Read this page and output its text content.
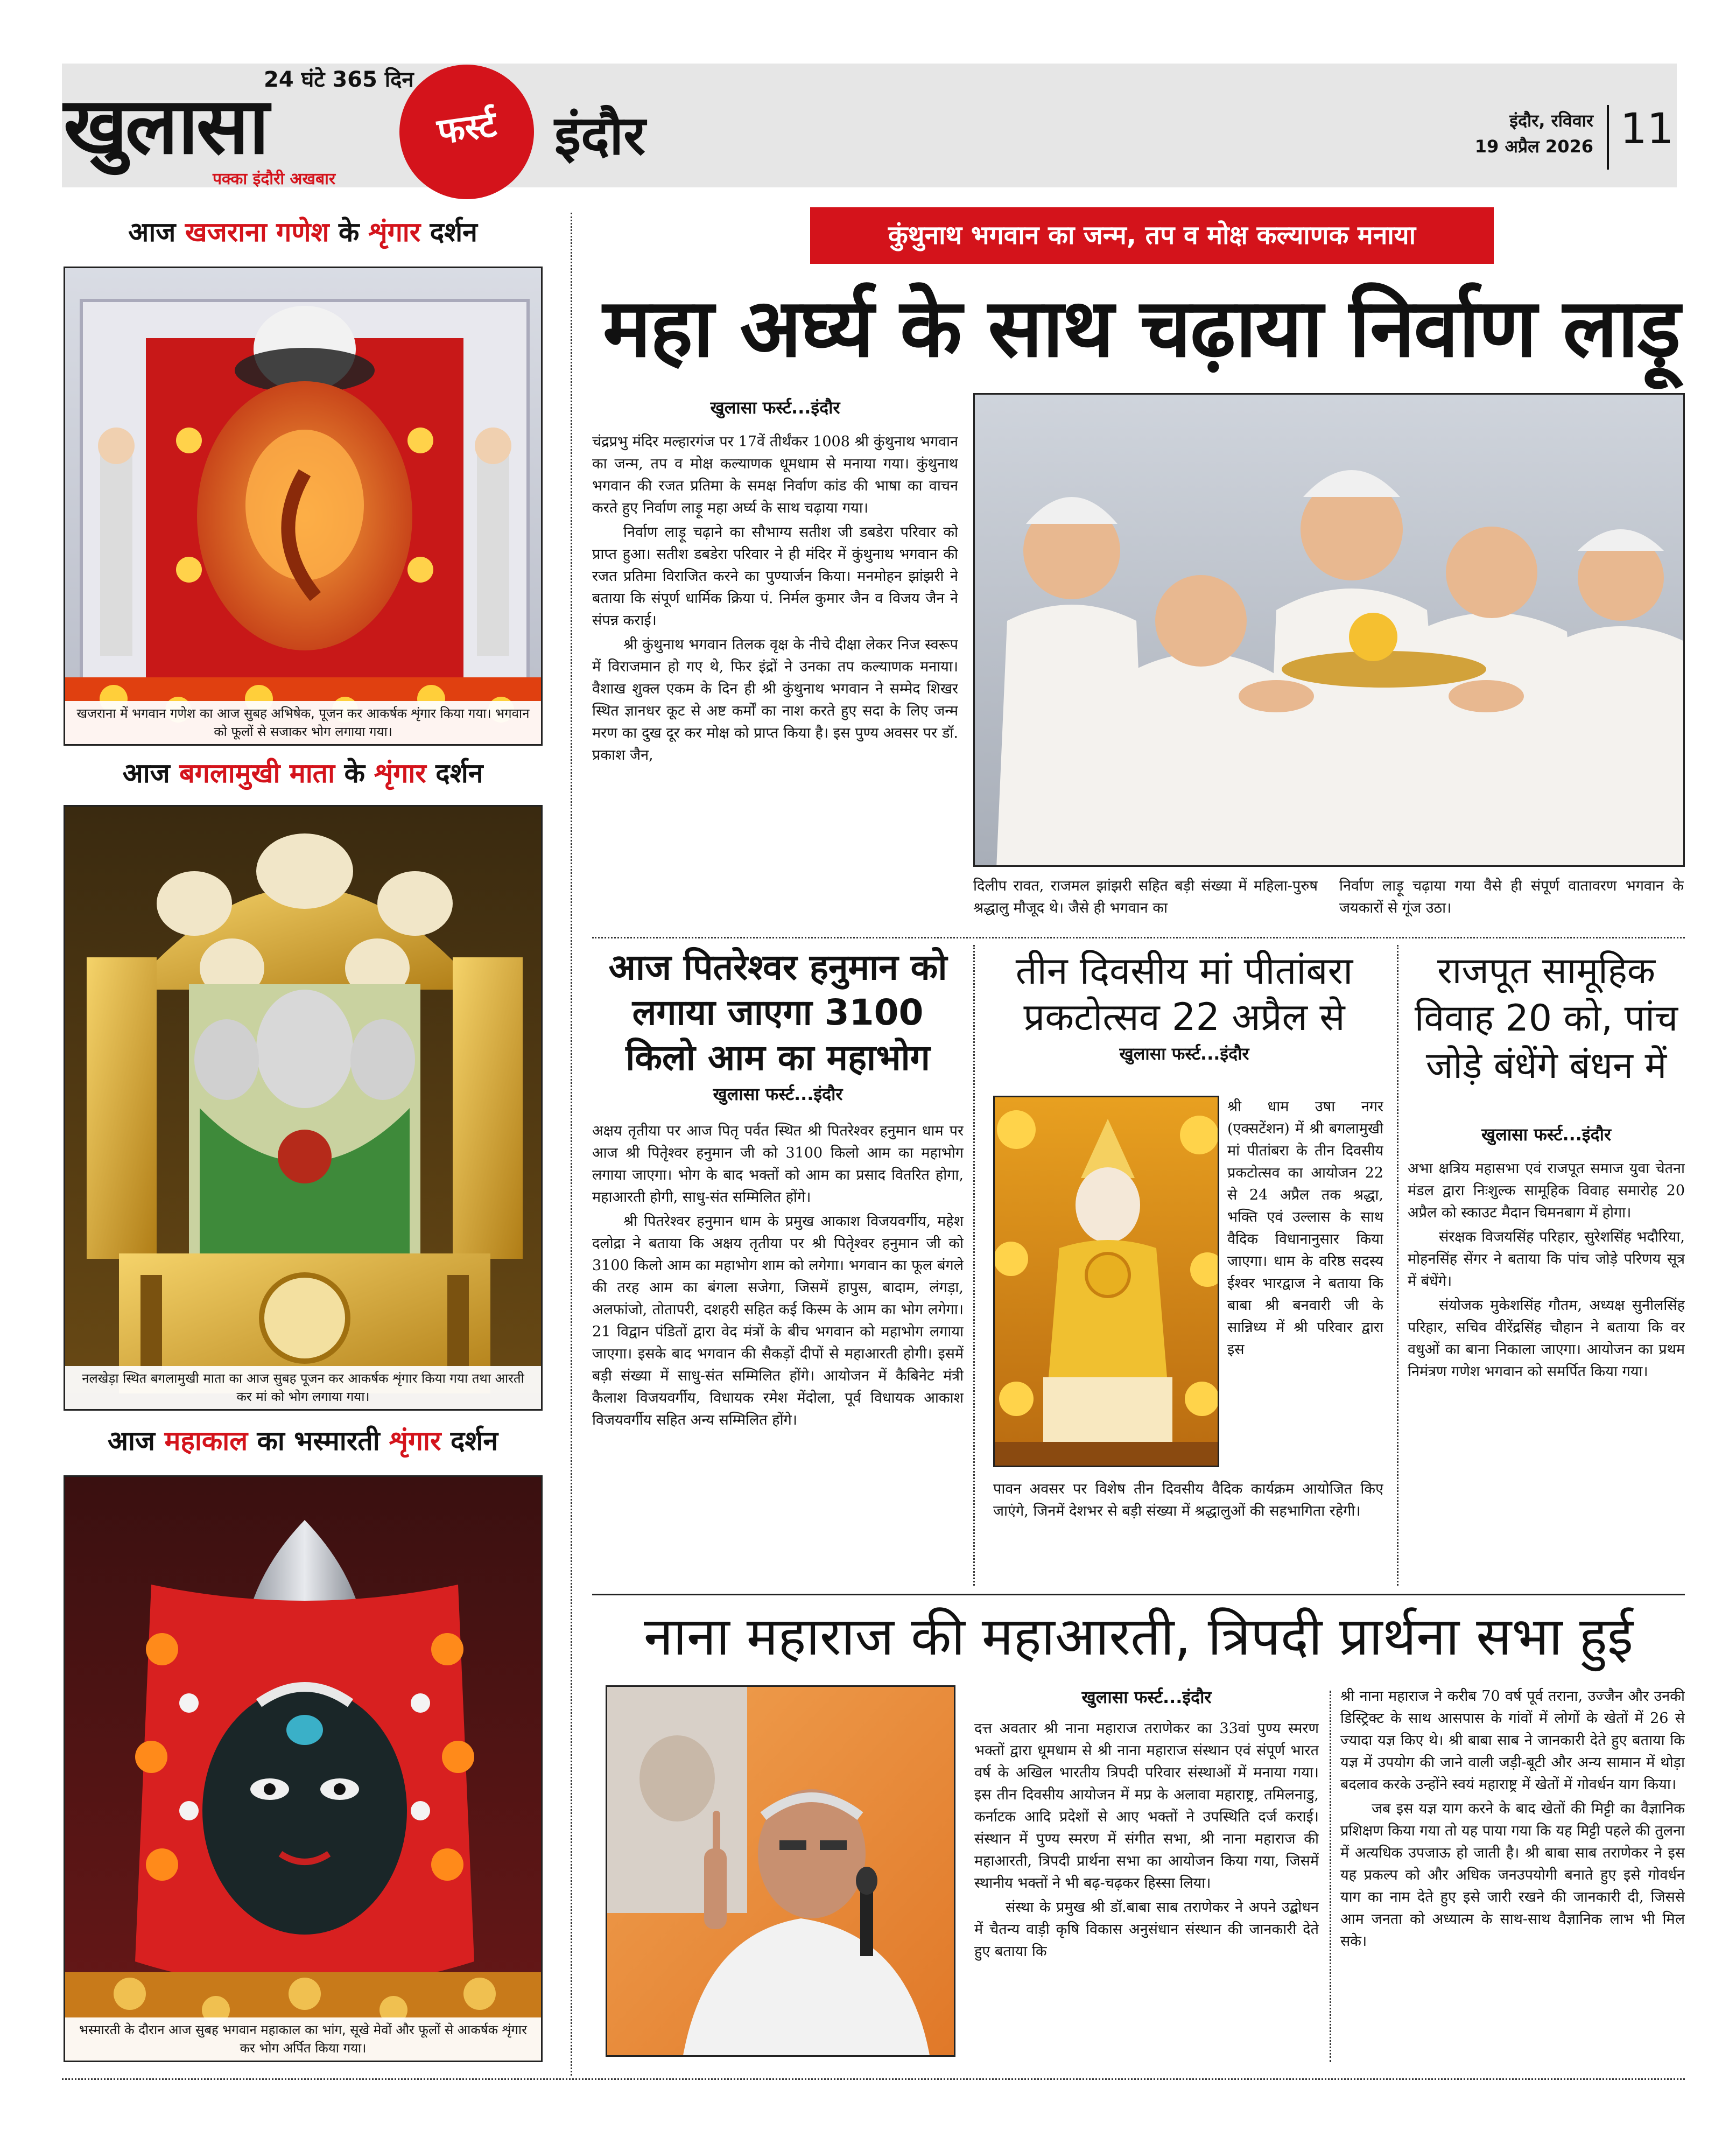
24 घंटे 365 दिन
खुलासा	फर्स्ट
पक्का इंदौरी अखबार
इंदौर	इंदौर, रविवार
19 अप्रैल 2026 11
आज खजराना गणेश के शृंगार दर्शन
खजराना में भगवान गणेश का आज सुबह अभिषेक, पूजन कर आकर्षक शृंगार किया गया। भगवान को फूलों से सजाकर भोग लगाया गया।
आज बगलामुखी माता के शृंगार दर्शन
नलखेड़ा स्थित बगलामुखी माता का आज सुबह पूजन कर आकर्षक शृंगार किया गया तथा आरती कर मां को भोग लगाया गया।
आज महाकाल का भस्मारती शृंगार दर्शन
भस्मारती के दौरान आज सुबह भगवान महाकाल का भांग, सूखे मेवों और फूलों से आकर्षक शृंगार कर भोग अर्पित किया गया।
कुंथुनाथ भगवान का जन्म, तप व मोक्ष कल्याणक मनाया
महा अर्घ्य के साथ चढ़ाया निर्वाण लाड़ू
खुलासा फर्स्ट...इंदौर

चंद्रप्रभु मंदिर मल्हारगंज पर 17वें तीर्थंकर 1008 श्री कुंथुनाथ भगवान का जन्म, तप व मोक्ष कल्याणक धूमधाम से मनाया गया। कुंथुनाथ भगवान की रजत प्रतिमा के समक्ष निर्वाण कांड की भाषा का वाचन करते हुए निर्वाण लाड़ू महा अर्घ्य के साथ चढ़ाया गया।

निर्वाण लाड़ू चढ़ाने का सौभाग्य सतीश जी डबडेरा परिवार को प्राप्त हुआ। सतीश डबडेरा परिवार ने ही मंदिर में कुंथुनाथ भगवान की रजत प्रतिमा विराजित करने का पुण्यार्जन किया। मनमोहन झांझरी ने बताया कि संपूर्ण धार्मिक क्रिया पं. निर्मल कुमार जैन व विजय जैन ने संपन्न कराई।

श्री कुंथुनाथ भगवान तिलक वृक्ष के नीचे दीक्षा लेकर निज स्वरूप में विराजमान हो गए थे, फिर इंद्रों ने उनका तप कल्याणक मनाया। वैशाख शुक्ल एकम के दिन ही श्री कुंथुनाथ भगवान ने सम्मेद शिखर स्थित ज्ञानधर कूट से अष्ट कर्मों का नाश करते हुए सदा के लिए जन्म मरण का दुख दूर कर मोक्ष को प्राप्त किया है। इस पुण्य अवसर पर डॉ. प्रकाश जैन,

दिलीप रावत, राजमल झांझरी सहित बड़ी संख्या में महिला-पुरुष श्रद्धालु मौजूद थे। जैसे ही भगवान का
निर्वाण लाड़ू चढ़ाया गया वैसे ही संपूर्ण वातावरण भगवान के जयकारों से गूंज उठा।
आज पितरेश्वर हनुमान को लगाया जाएगा 3100 किलो आम का महाभोग
खुलासा फर्स्ट...इंदौर

अक्षय तृतीया पर आज पितृ पर्वत स्थित श्री पितरेश्वर हनुमान धाम पर आज श्री पितृेश्वर हनुमान जी को 3100 किलो आम का महाभोग लगाया जाएगा। भोग के बाद भक्तों को आम का प्रसाद वितरित होगा, महाआरती होगी, साधु-संत सम्मिलित होंगे।

श्री पितरेश्वर हनुमान धाम के प्रमुख आकाश विजयवर्गीय, महेश दलोद्रा ने बताया कि अक्षय तृतीया पर श्री पितृेश्वर हनुमान जी को 3100 किलो आम का महाभोग शाम को लगेगा। भगवान का फूल बंगले की तरह आम का बंगला सजेगा, जिसमें हापुस, बादाम, लंगड़ा, अलफांजो, तोतापरी, दशहरी सहित कई किस्म के आम का भोग लगेगा। 21 विद्वान पंडितों द्वारा वेद मंत्रों के बीच भगवान को महाभोग लगाया जाएगा। इसके बाद भगवान की सैकड़ों दीपों से महाआरती होगी। इसमें बड़ी संख्या में साधु-संत सम्मिलित होंगे। आयोजन में कैबिनेट मंत्री कैलाश विजयवर्गीय, विधायक रमेश मेंदोला, पूर्व विधायक आकाश विजयवर्गीय सहित अन्य सम्मिलित होंगे।

तीन दिवसीय मां पीतांबरा प्रकटोत्सव 22 अप्रैल से
खुलासा फर्स्ट...इंदौर
श्री धाम उषा नगर (एक्सटेंशन) में श्री बगलामुखी मां पीतांबरा के तीन दिवसीय प्रकटोत्सव का आयोजन 22 से 24 अप्रैल तक श्रद्धा, भक्ति एवं उल्लास के साथ वैदिक विधानानुसार किया जाएगा। धाम के वरिष्ठ सदस्य ईश्वर भारद्वाज ने बताया कि बाबा श्री बनवारी जी के सान्निध्य में श्री परिवार द्वारा इस
पावन अवसर पर विशेष तीन दिवसीय वैदिक कार्यक्रम आयोजित किए जाएंगे, जिनमें देशभर से बड़ी संख्या में श्रद्धालुओं की सहभागिता रहेगी।
राजपूत सामूहिक विवाह 20 को, पांच जोड़े बंधेंगे बंधन में
खुलासा फर्स्ट...इंदौर

अभा क्षत्रिय महासभा एवं राजपूत समाज युवा चेतना मंडल द्वारा निःशुल्क सामूहिक विवाह समारोह 20 अप्रैल को स्काउट मैदान चिमनबाग में होगा।

संरक्षक विजयसिंह परिहार, सुरेशसिंह भदौरिया, मोहनसिंह सेंगर ने बताया कि पांच जोड़े परिणय सूत्र में बंधेंगे।

संयोजक मुकेशसिंह गौतम, अध्यक्ष सुनीलसिंह परिहार, सचिव वीरेंद्रसिंह चौहान ने बताया कि वर वधुओं का बाना निकाला जाएगा। आयोजन का प्रथम निमंत्रण गणेश भगवान को समर्पित किया गया।

नाना महाराज की महाआरती, त्रिपदी प्रार्थना सभा हुई
खुलासा फर्स्ट...इंदौर

दत्त अवतार श्री नाना महाराज तराणेकर का 33वां पुण्य स्मरण भक्तों द्वारा धूमधाम से श्री नाना महाराज संस्थान एवं संपूर्ण भारत वर्ष के अखिल भारतीय त्रिपदी परिवार संस्थाओं में मनाया गया। इस तीन दिवसीय आयोजन में मप्र के अलावा महाराष्ट्र, तमिलनाडु, कर्नाटक आदि प्रदेशों से आए भक्तों ने उपस्थिति दर्ज कराई। संस्थान में पुण्य स्मरण में संगीत सभा, श्री नाना महाराज की महाआरती, त्रिपदी प्रार्थना सभा का आयोजन किया गया, जिसमें स्थानीय भक्तों ने भी बढ़-चढ़कर हिस्सा लिया।

संस्था के प्रमुख श्री डॉ.बाबा साब तराणेकर ने अपने उद्बोधन में चैतन्य वाड़ी कृषि विकास अनुसंधान संस्थान की जानकारी देते हुए बताया कि

श्री नाना महाराज ने करीब 70 वर्ष पूर्व तराना, उज्जैन और उनकी डिस्ट्रिक्ट के साथ आसपास के गांवों में लोगों के खेतों में 26 से ज्यादा यज्ञ किए थे। श्री बाबा साब ने जानकारी देते हुए बताया कि यज्ञ में उपयोग की जाने वाली जड़ी-बूटी और अन्य सामान में थोड़ा बदलाव करके उन्होंने स्वयं महाराष्ट्र में खेतों में गोवर्धन याग किया।

जब इस यज्ञ याग करने के बाद खेतों की मिट्टी का वैज्ञानिक प्रशिक्षण किया गया तो यह पाया गया कि यह मिट्टी पहले की तुलना में अत्यधिक उपजाऊ हो जाती है। श्री बाबा साब तराणेकर ने इस यह प्रकल्प को और अधिक जनउपयोगी बनाते हुए इसे गोवर्धन याग का नाम देते हुए इसे जारी रखने की जानकारी दी, जिससे आम जनता को अध्यात्म के साथ-साथ वैज्ञानिक लाभ भी मिल सके।
